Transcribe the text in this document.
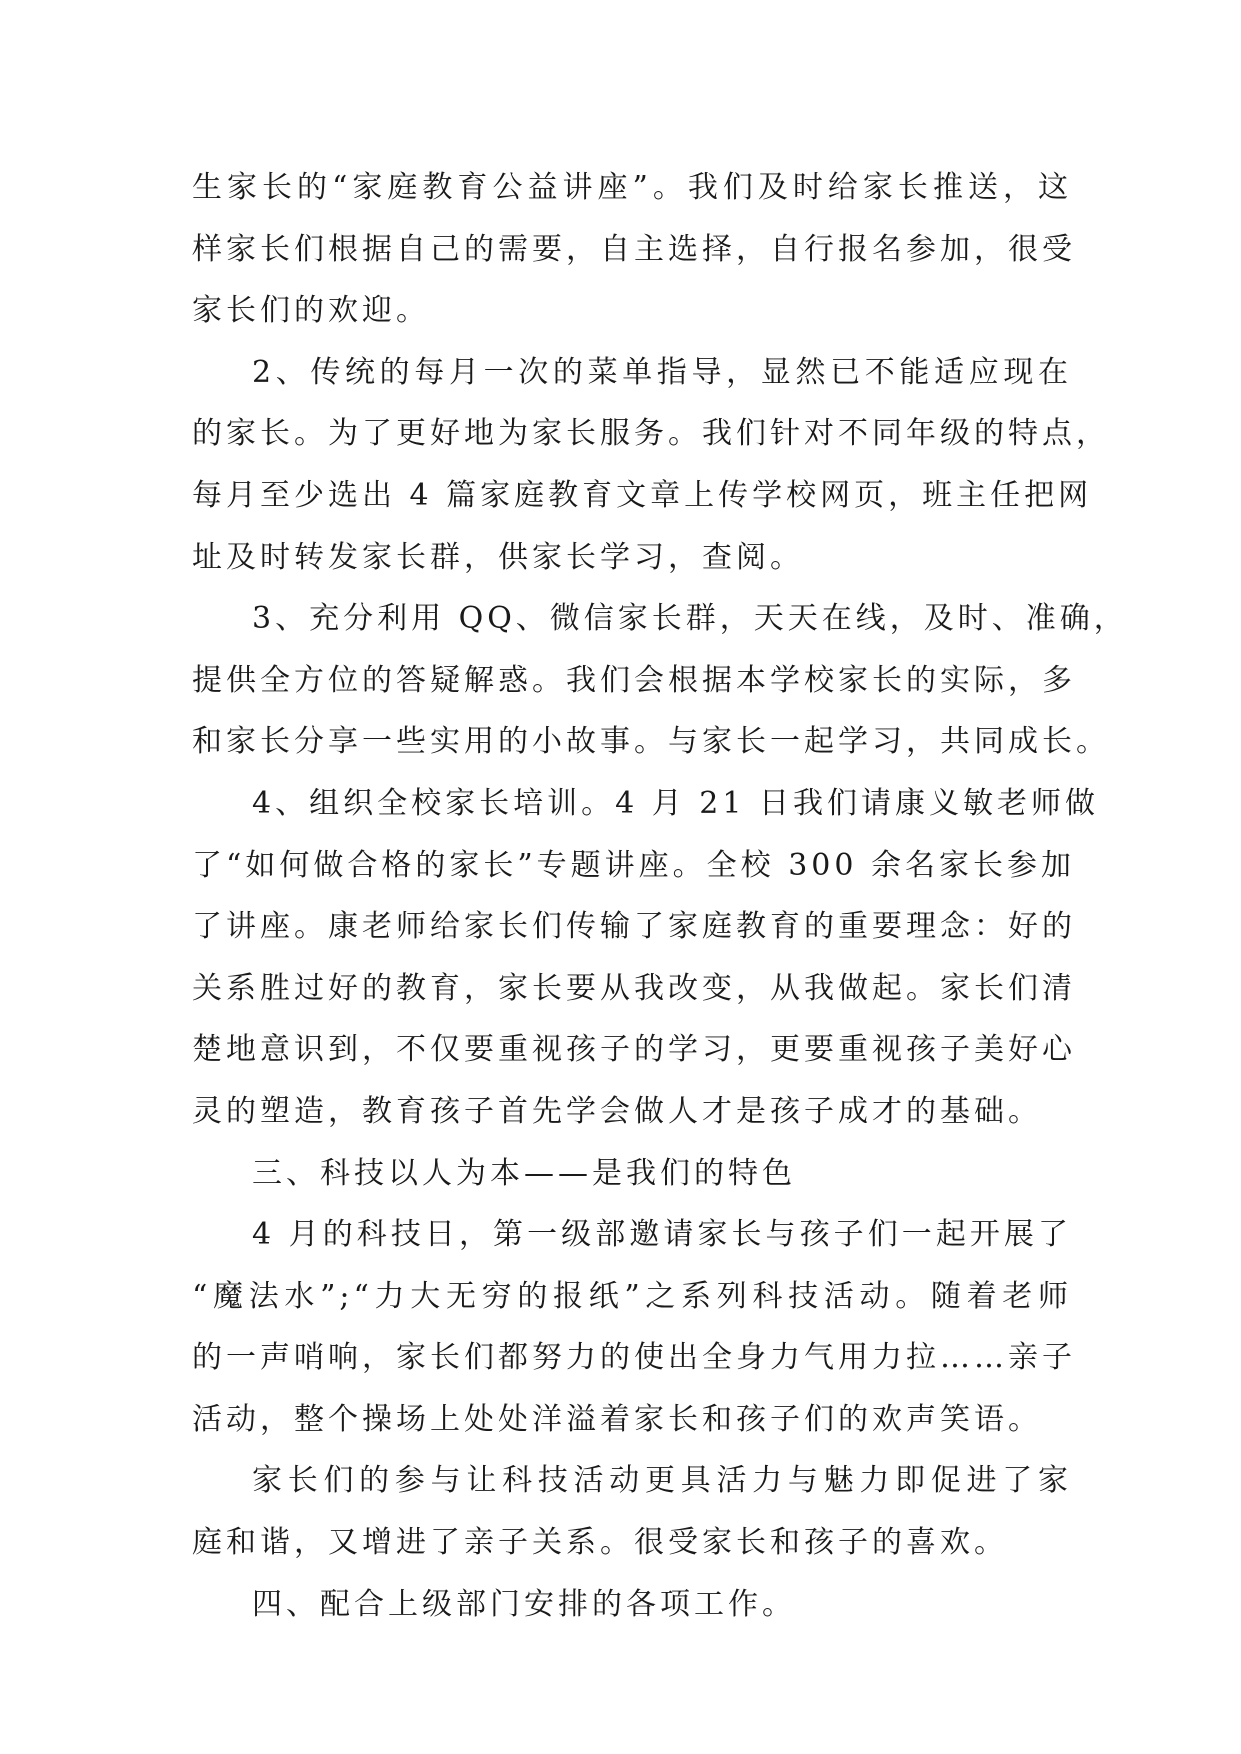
生家长的“家庭教育公益讲座”。我们及时给家长推送，这
样家长们根据自己的需要，自主选择，自行报名参加，很受
家长们的欢迎。
2、传统的每月一次的菜单指导，显然已不能适应现在
的家长。为了更好地为家长服务。我们针对不同年级的特点，
每月至少选出 4 篇家庭教育文章上传学校网页，班主任把网
址及时转发家长群，供家长学习，查阅。
3、充分利用 QQ、微信家长群，天天在线，及时、准确，
提供全方位的答疑解惑。我们会根据本学校家长的实际，多
和家长分享一些实用的小故事。与家长一起学习，共同成长。
4、组织全校家长培训。4 月 21 日我们请康义敏老师做
了“如何做合格的家长”专题讲座。全校 300 余名家长参加
了讲座。康老师给家长们传输了家庭教育的重要理念：好的
关系胜过好的教育，家长要从我改变，从我做起。家长们清
楚地意识到，不仅要重视孩子的学习，更要重视孩子美好心
灵的塑造，教育孩子首先学会做人才是孩子成才的基础。
三、科技以人为本——是我们的特色
4 月的科技日，第一级部邀请家长与孩子们一起开展了
“魔法水”;“力大无穷的报纸”之系列科技活动。随着老师
的一声哨响，家长们都努力的使出全身力气用力拉……亲子
活动，整个操场上处处洋溢着家长和孩子们的欢声笑语。
家长们的参与让科技活动更具活力与魅力即促进了家
庭和谐，又增进了亲子关系。很受家长和孩子的喜欢。
四、配合上级部门安排的各项工作。
